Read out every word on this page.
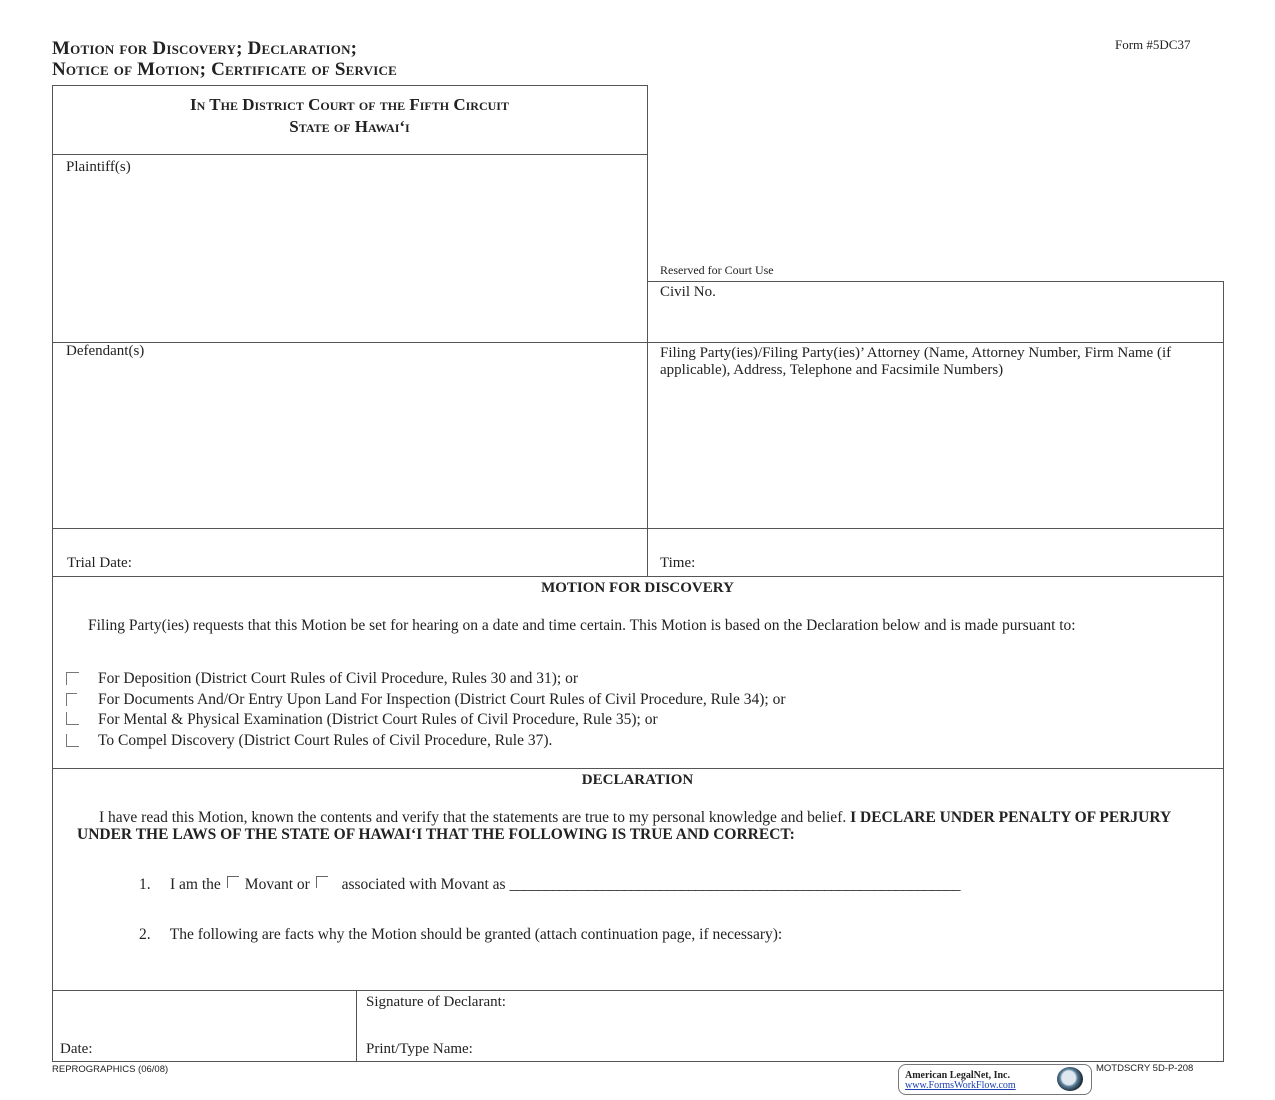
Motion for Discovery; Declaration;
Notice of Motion; Certificate of Service
Form #5DC37
In The District Court of the Fifth Circuit
State of Hawai‘i
Plaintiff(s)
Defendant(s)
Trial Date:
Reserved for Court Use
Civil No.
Filing Party(ies)/Filing Party(ies)’ Attorney (Name, Attorney Number, Firm Name (if applicable), Address, Telephone and Facsimile Numbers)
Time:
MOTION FOR DISCOVERY
Filing Party(ies) requests that this Motion be set for hearing on a date and time certain. This Motion is based on the Declaration below and is made pursuant to:
For Deposition (District Court Rules of Civil Procedure, Rules 30 and 31); or
For Documents And/Or Entry Upon Land For Inspection (District Court Rules of Civil Procedure, Rule 34); or
For Mental & Physical Examination (District Court Rules of Civil Procedure, Rule 35); or
To Compel Discovery (District Court Rules of Civil Procedure, Rule 37).
DECLARATION
I have read this Motion, known the contents and verify that the statements are true to my personal knowledge and belief. I DECLARE UNDER PENALTY OF PERJURY UNDER THE LAWS OF THE STATE OF HAWAI‘I THAT THE FOLLOWING IS TRUE AND CORRECT:
1. I am the Movant or associated with Movant as _______________________________________________________________
2. The following are facts why the Motion should be granted (attach continuation page, if necessary):
Signature of Declarant:
Date:	Print/Type Name:
REPROGRAPHICS (06/08)	MOTDSCRY 5D-P-208
American LegalNet, Inc.
www.FormsWorkFlow.com
